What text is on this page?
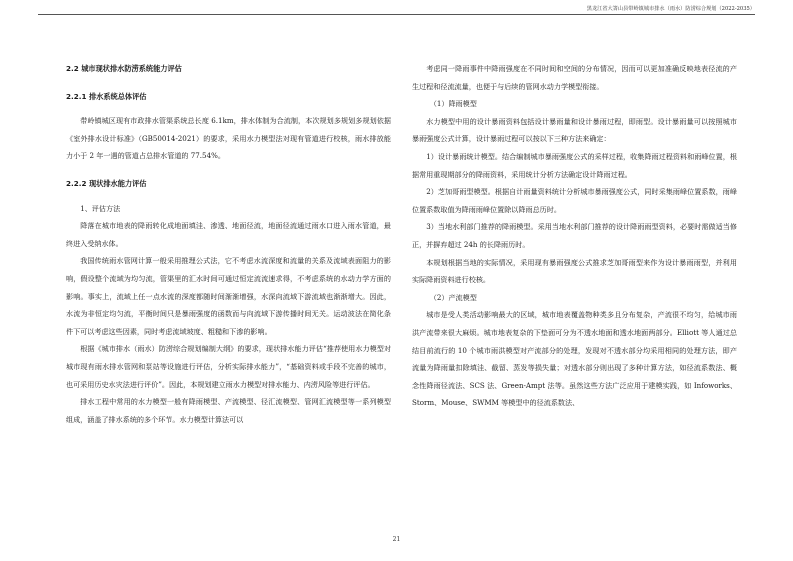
黑龙江省大箐山县带岭镇城市排水（雨水）防涝综合规划（2022-2035）

2.2 城市现状排水防涝系统能力评估

2.2.1 排水系统总体评估

带岭镇城区现有市政排水管渠系统总长度 6.1km，排水体制为合流制，本次规划多规划多规划依据《室外排水设计标准》（GB50014-2021）的要求，采用水力模型法对现有管道进行校核，雨水排放能力小于 2 年一遇的管道占总排水管道的 77.54%。

2.2.2 现状排水能力评估

1、评估方法

降落在城市地表的降雨转化成地面填洼、渗透、地面径流，地面径流通过雨水口进入雨水管道，最终进入受纳水体。

我国传统雨水管网计算一般采用推理公式法，它不考虑水流深度和流量的关系及流域表面阻力的影响，假设整个流域为均匀流，管渠里的汇水时间可通过恒定流流速求得，不考虑系统的水动力学方面的影响。事实上，流域上任一点水流的深度都随时间渐渐增强，水深向流域下游流域也渐渐增大。因此，水流为非恒定均匀流，平衡时间只是暴雨强度的函数而与向流域下游传播时间无关。运动波法在简化条件下可以考虑这些因素，同时考虑流域坡度、粗糙和下渗的影响。

根据《城市排水（雨水）防涝综合规划编制大纲》的要求，现状排水能力评估“推荐使用水力模型对城市现有雨水排水管网和泵站等设施进行评估，分析实际排水能力”，“基础资料或手段不完善的城市，也可采用历史水灾法进行评价”。因此，本规划建立雨水力模型对排水能力、内涝风险等进行评估。

排水工程中常用的水力模型一般有降雨模型、产流模型、径汇流模型、管网汇流模型等一系列模型组成，涵盖了排水系统的多个环节。水力模型计算法可以

考虑同一降雨事件中降雨强度在不同时间和空间的分布情况，因而可以更加准确反映地表径流的产生过程和径流流量，也便于与后续的管网水动力学模型衔接。

（1）降雨模型

水力模型中用的设计暴雨资料包括设计暴雨量和设计暴雨过程，即雨型。设计暴雨量可以按照城市暴雨强度公式计算，设计暴雨过程可以按以下三种方法来确定：

1）设计暴雨统计模型。结合编制城市暴雨强度公式的采样过程，收集降雨过程资料和雨峰位置，根据常用重现期部分的降雨资料，采用统计分析方法确定设计降雨过程。

2）芝加哥雨型模型。根据自计雨量资料统计分析城市暴雨强度公式，同时采集雨峰位置系数，雨峰位置系数取值为降雨雨峰位置除以降雨总历时。

3）当地水利部门推荐的降雨模型。采用当地水利部门推荐的设计降雨雨型资料，必要时需做适当修正，并摒弃超过 24h 的长降雨历时。

本规划根据当地的实际情况，采用现有暴雨强度公式推求芝加哥雨型来作为设计暴雨雨型，并利用实际降雨资料进行校核。

（2）产流模型

城市是受人类活动影响最大的区域，城市地表覆盖物种类多且分布复杂，产流很不均匀，给城市雨洪产流带来很大麻烦。城市地表复杂的下垫面可分为不透水地面和透水地面两部分。Elliott 等人通过总结目前流行的 10 个城市雨洪模型对产流部分的处理，发现对不透水部分均采用相同的处理方法，即产流量为降雨量扣除填洼、截留、蒸发等损失量；对透水部分则出现了多种计算方法，如径流系数法、概念性降雨径流法、SCS 法、Green-Ampt 法等。虽然这些方法广泛应用于建模实践，如 Infoworks、Storm、Mouse、SWMM 等模型中的径流系数法、

21
